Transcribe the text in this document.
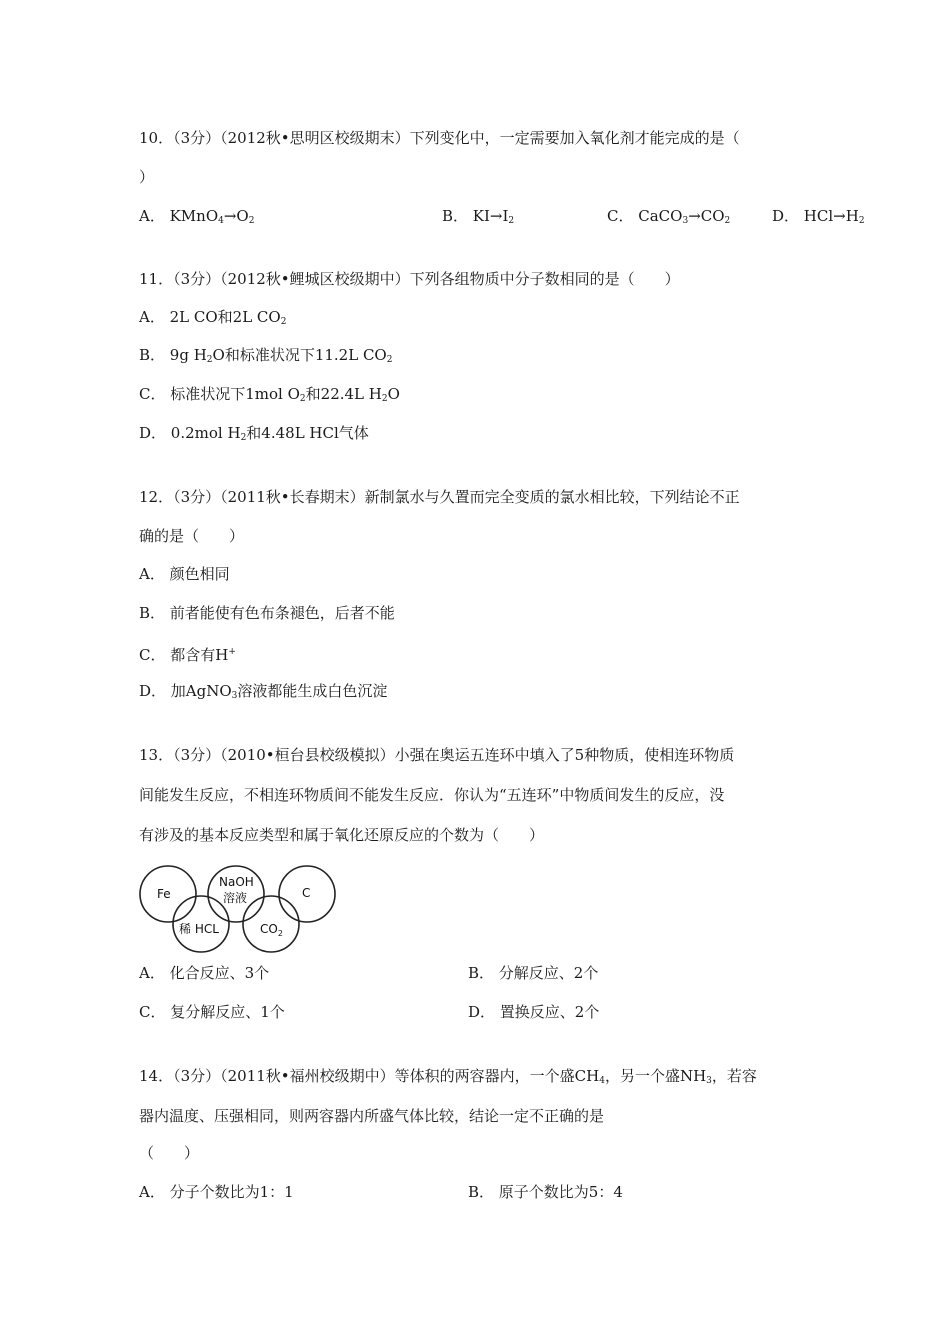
10．（3分）（2012秋•思明区校级期末）下列变化中，一定需要加入氧化剂才能完成的是（
）
A． $KMnO_4\to O_2$	B． $KI\to I_2$	C． $CaCO_3\to CO_2$	D． $HCl\to H_2$
11．（3分）（2012秋•鲤城区校级期中）下列各组物质中分子数相同的是（　　）
A． 2L CO和2L $CO_2$
B． 9g $H_2O$和标准状况下11.2L $CO_2$
C． 标准状况下1mol $O_2$和22.4L $H_2O$
D． 0.2mol $H_2$和4.48L HCl气体
12．（3分）（2011秋•长春期末）新制氯水与久置而完全变质的氯水相比较，下列结论不正
确的是（　　）
A． 颜色相同
B． 前者能使有色布条褪色，后者不能
C． 都含有H+
D． 加AgNO$_3$溶液都能生成白色沉淀
13．（3分）（2010•桓台县校级模拟）小强在奥运五连环中填入了5种物质，使相连环物质
间能发生反应，不相连环物质间不能发生反应．你认为“五连环”中物质间发生的反应，没
有涉及的基本反应类型和属于氧化还原反应的个数为（　　）
Fe
NaOH
溶液	C
稀 HCL	$CO_2$
A． 化合反应、3个	B． 分解反应、2个
C． 复分解反应、1个	D． 置换反应、2个
14．（3分）（2011秋•福州校级期中）等体积的两容器内，一个盛$CH_4$，另一个盛$NH_3$，若容
器内温度、压强相同，则两容器内所盛气体比较，结论一定不正确的是
（　　）
A． 分子个数比为1：1	B． 原子个数比为5：4
